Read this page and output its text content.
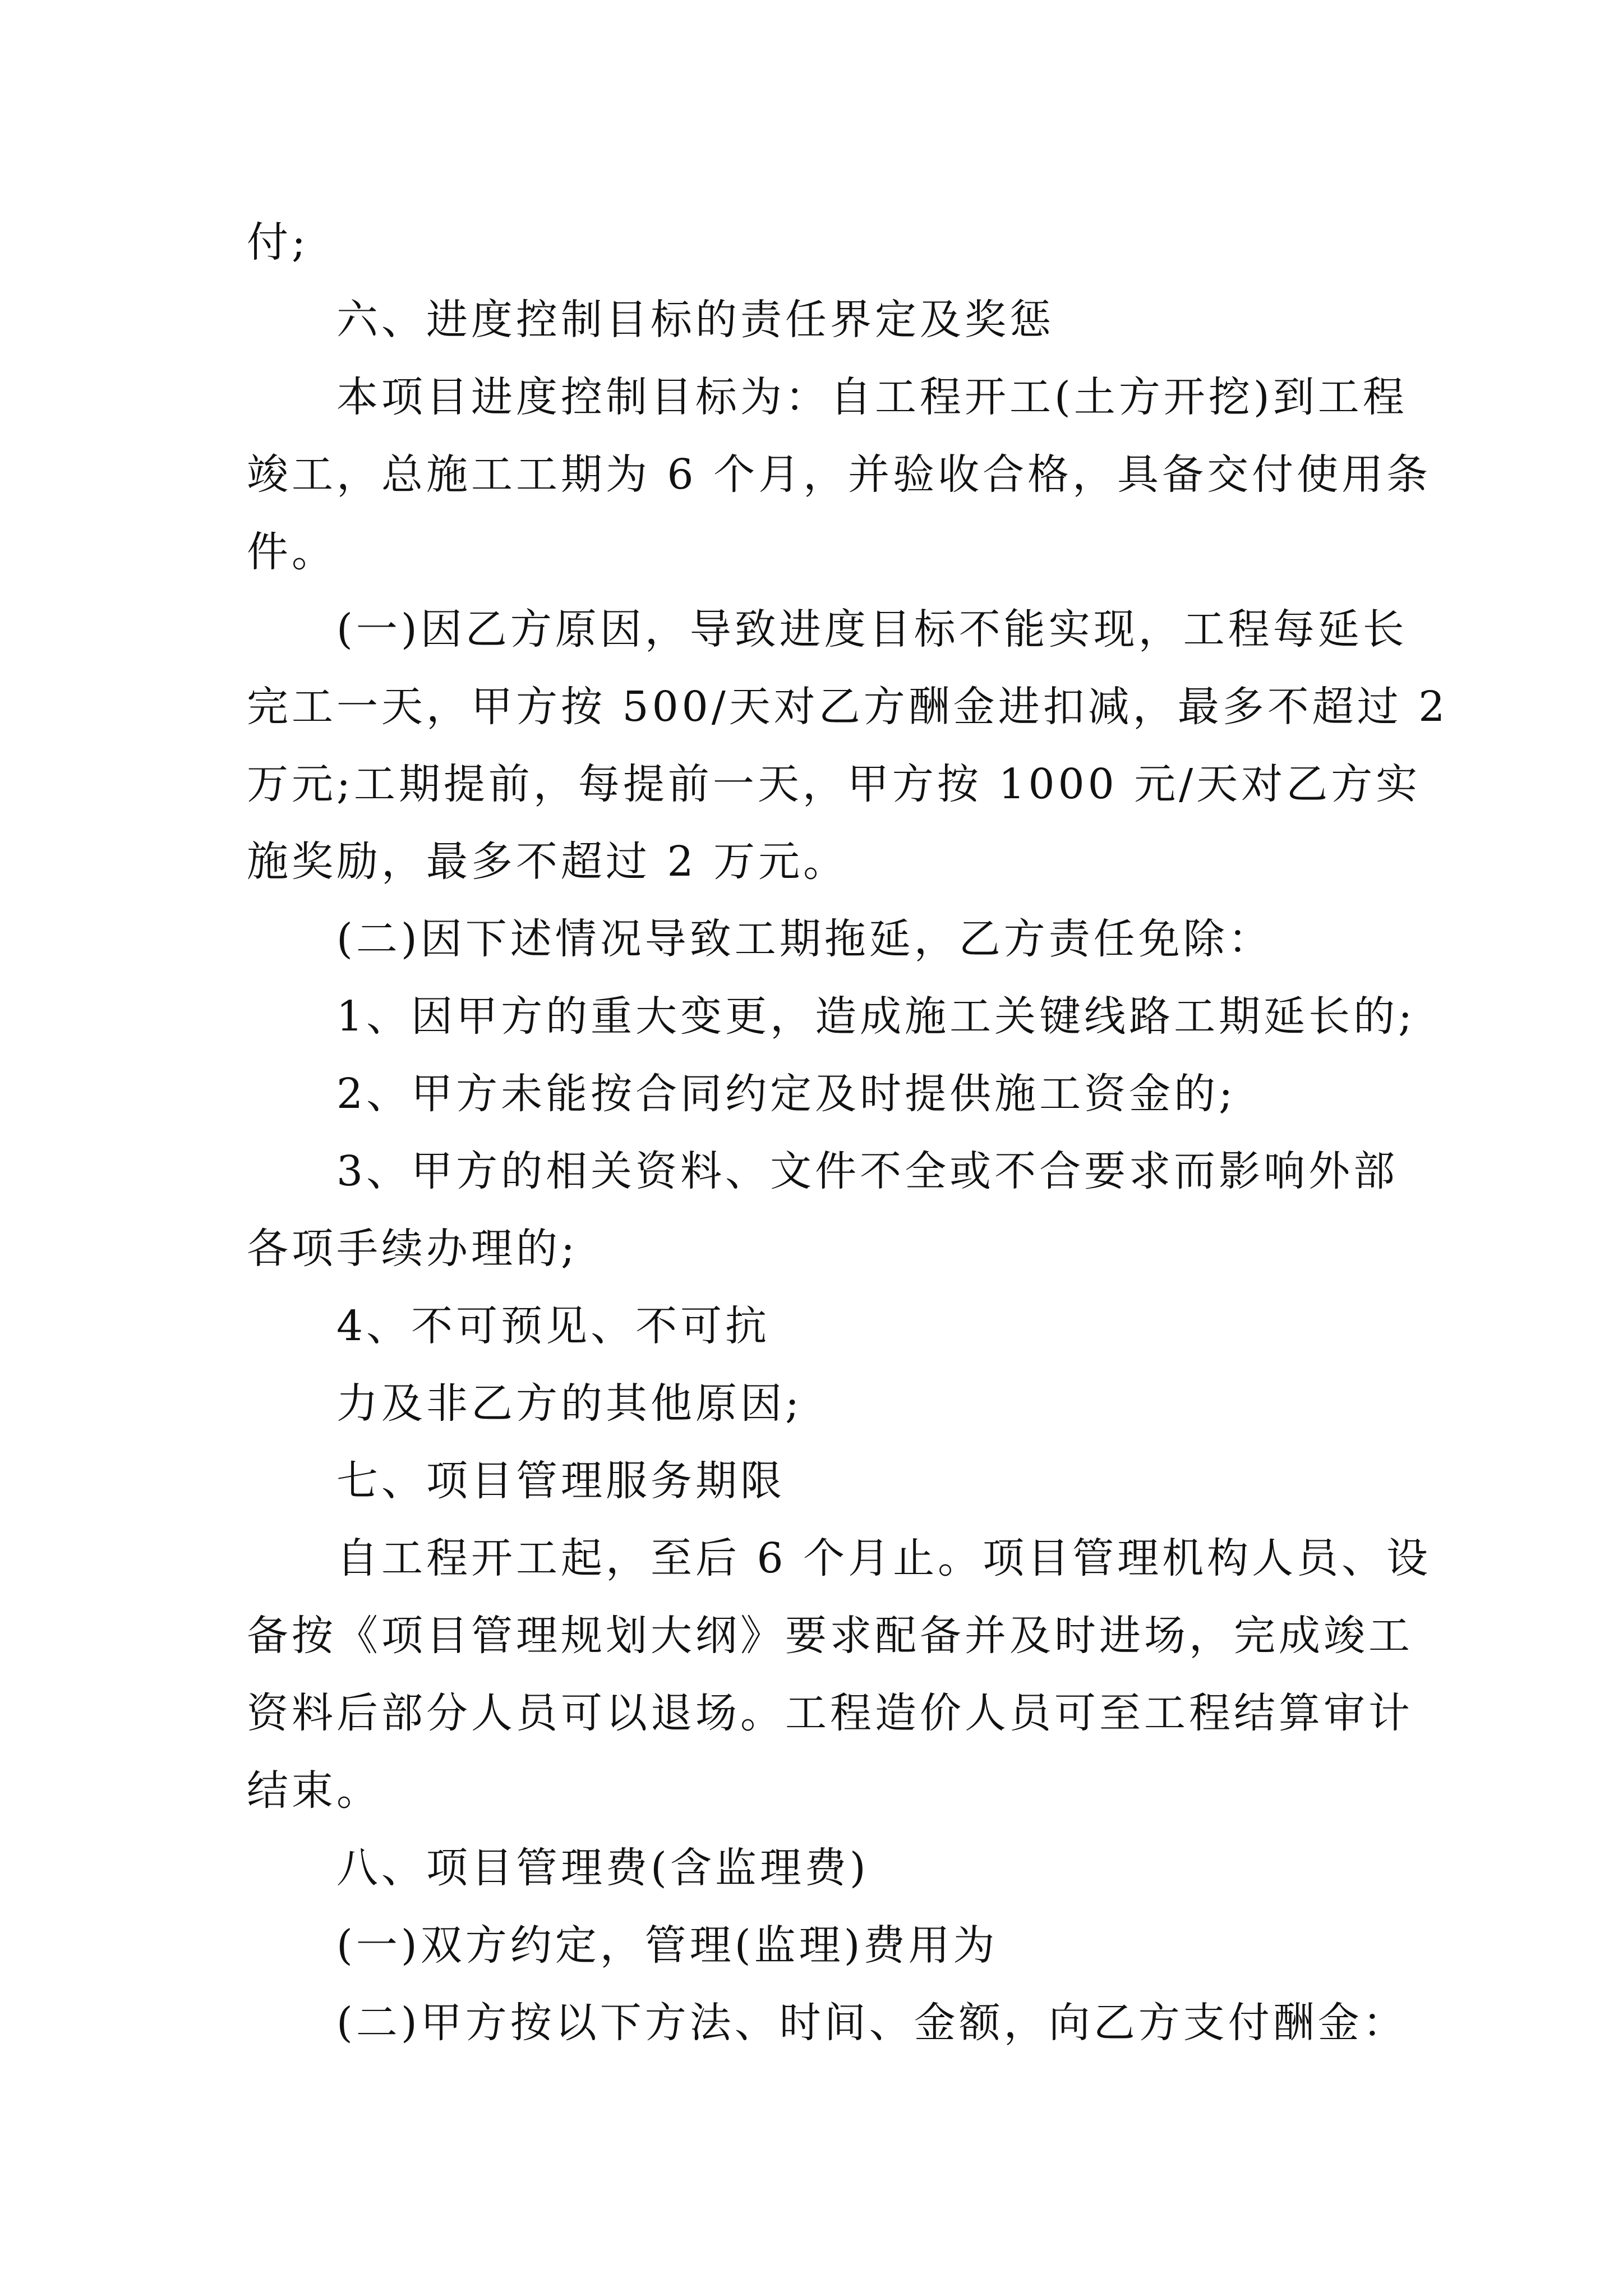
付;
六、进度控制目标的责任界定及奖惩
本项目进度控制目标为：自工程开工(土方开挖)到工程
竣工，总施工工期为 6 个月，并验收合格，具备交付使用条
件。
(一)因乙方原因，导致进度目标不能实现，工程每延长
完工一天，甲方按 500/天对乙方酬金进扣减，最多不超过 2
万元;工期提前，每提前一天，甲方按 1000 元/天对乙方实
施奖励，最多不超过 2 万元。
(二)因下述情况导致工期拖延，乙方责任免除：
1、因甲方的重大变更，造成施工关键线路工期延长的;
2、甲方未能按合同约定及时提供施工资金的;
3、甲方的相关资料、文件不全或不合要求而影响外部
各项手续办理的;
4、不可预见、不可抗
力及非乙方的其他原因;
七、项目管理服务期限
自工程开工起，至后 6 个月止。项目管理机构人员、设
备按《项目管理规划大纲》要求配备并及时进场，完成竣工
资料后部分人员可以退场。工程造价人员可至工程结算审计
结束。
八、项目管理费(含监理费)
(一)双方约定，管理(监理)费用为
(二)甲方按以下方法、时间、金额，向乙方支付酬金：
